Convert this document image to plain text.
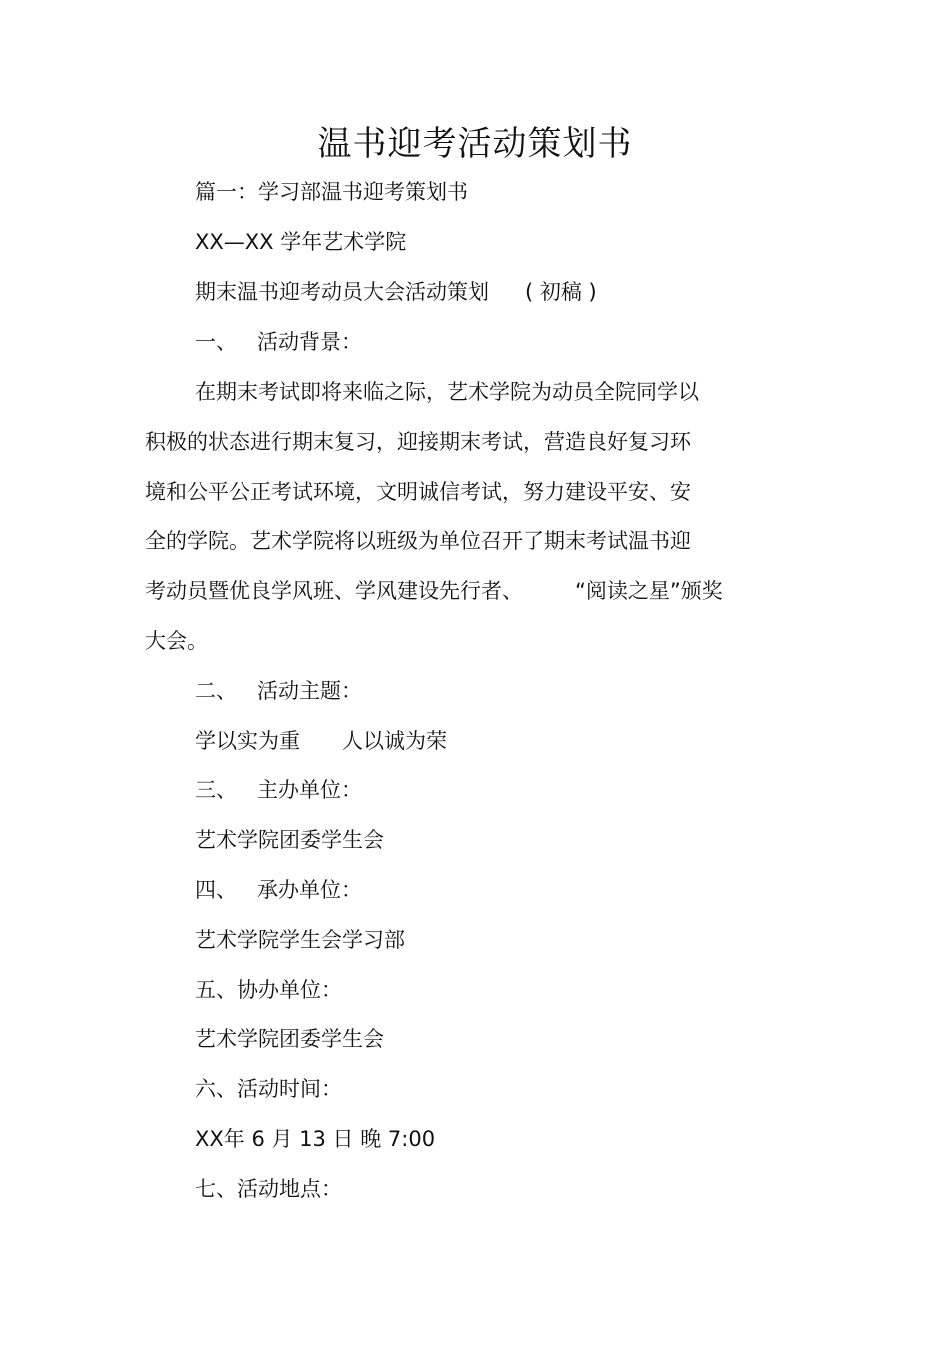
温书迎考活动策划书

篇一：学习部温书迎考策划书

XX—XX 学年艺术学院

期末温书迎考动员大会活动策划 ( 初稿 )

一、 活动背景：

在期末考试即将来临之际，艺术学院为动员全院同学以

积极的状态进行期末复习，迎接期末考试，营造良好复习环

境和公平公正考试环境，文明诚信考试，努力建设平安、安

全的学院。艺术学院将以班级为单位召开了期末考试温书迎

考动员暨优良学风班、学风建设先行者、 “阅读之星”颁奖

大会。

二、 活动主题：

学以实为重 人以诚为荣

三、 主办单位：

艺术学院团委学生会

四、 承办单位：

艺术学院学生会学习部

五、协办单位：

艺术学院团委学生会

六、活动时间：

XX年 6 月 13 日 晚 7:00

七、活动地点：
